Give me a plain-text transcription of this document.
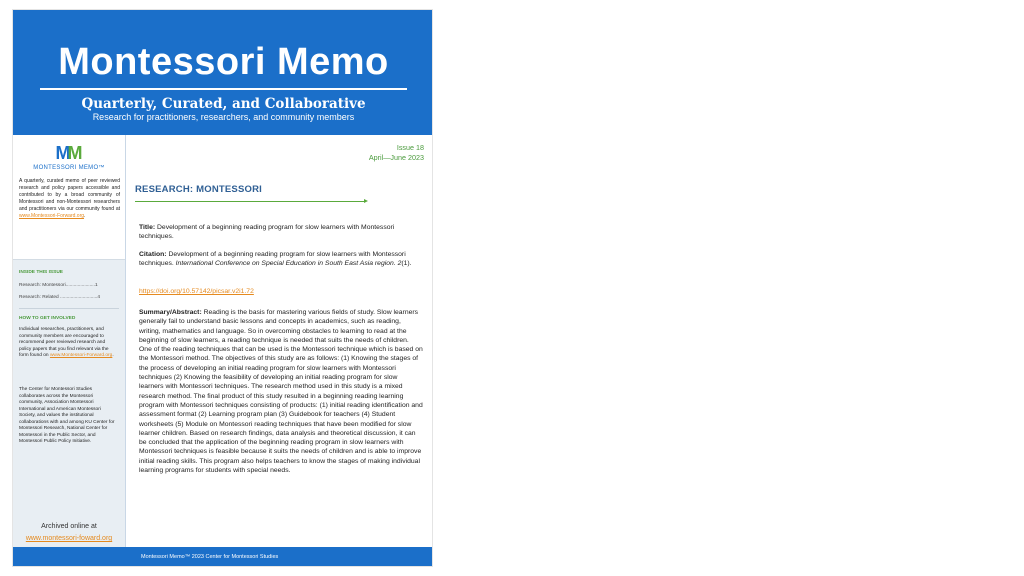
Montessori Memo
Quarterly, Curated, and Collaborative
Research for practitioners, researchers, and community members
MM
MONTESSORI MEMO™
A quarterly, curated memo of peer reviewed research and policy papers accessible and contributed to by a broad community of Montessori and non-Montessori researchers and practitioners via our community found at www.Montessori-Forward.org.
INSIDE THIS ISSUE
Research: Montessori......................1
Research: Related ............................4
HOW TO GET INVOLVED
Individual researches, practitioners, and community members are encouraged to recommend peer reviewed research and policy papers that you find relevant via the form found on www.Montessori-Forward.org.
The Center for Montessori Studies collaborates across the Montessori community, Association Montessori International and American Montessori Society, and values the institutional collaborations with and among KU Center for Montessori Research, National Center for Montessori in the Public Sector, and Montessori Public Policy Initiative.
Archived online at
www.montessori-foward.org
Issue 18
April—June 2023
RESEARCH: MONTESSORI
Title: Development of a beginning reading program for slow learners with Montessori techniques.
Citation: Development of a beginning reading program for slow learners with Montessori techniques. International Conference on Special Education in South East Asia region. 2(1).
https://doi.org/10.57142/picsar.v2i1.72
Summary/Abstract: Reading is the basis for mastering various fields of study. Slow learners generally fail to understand basic lessons and concepts in academics, such as reading, writing, mathematics and language. So in overcoming obstacles to learning to read at the beginning of slow learners, a reading technique is needed that suits the needs of children. One of the reading techniques that can be used is the Montessori technique which is based on the Montessori method. The objectives of this study are as follows: (1) Knowing the stages of the process of developing an initial reading program for slow learners with Montessori techniques (2) Knowing the feasibility of developing an initial reading program for slow learners with Montessori techniques. The research method used in this study is a mixed research method. The final product of this study resulted in a beginning reading learning program with Montessori techniques consisting of products: (1) initial reading identification and assessment format (2) Learning program plan (3) Guidebook for teachers (4) Student worksheets (5) Module on Montessori reading techniques that have been modified for slow learner children. Based on research findings, data analysis and theoretical discussion, it can be concluded that the application of the beginning reading program in slow learners with Montessori techniques is feasible because it suits the needs of children and is able to improve initial reading skills. This program also helps teachers to know the stages of making individual learning programs for students with special needs.
Montessori Memo™ 2023 Center for Montessori Studies
